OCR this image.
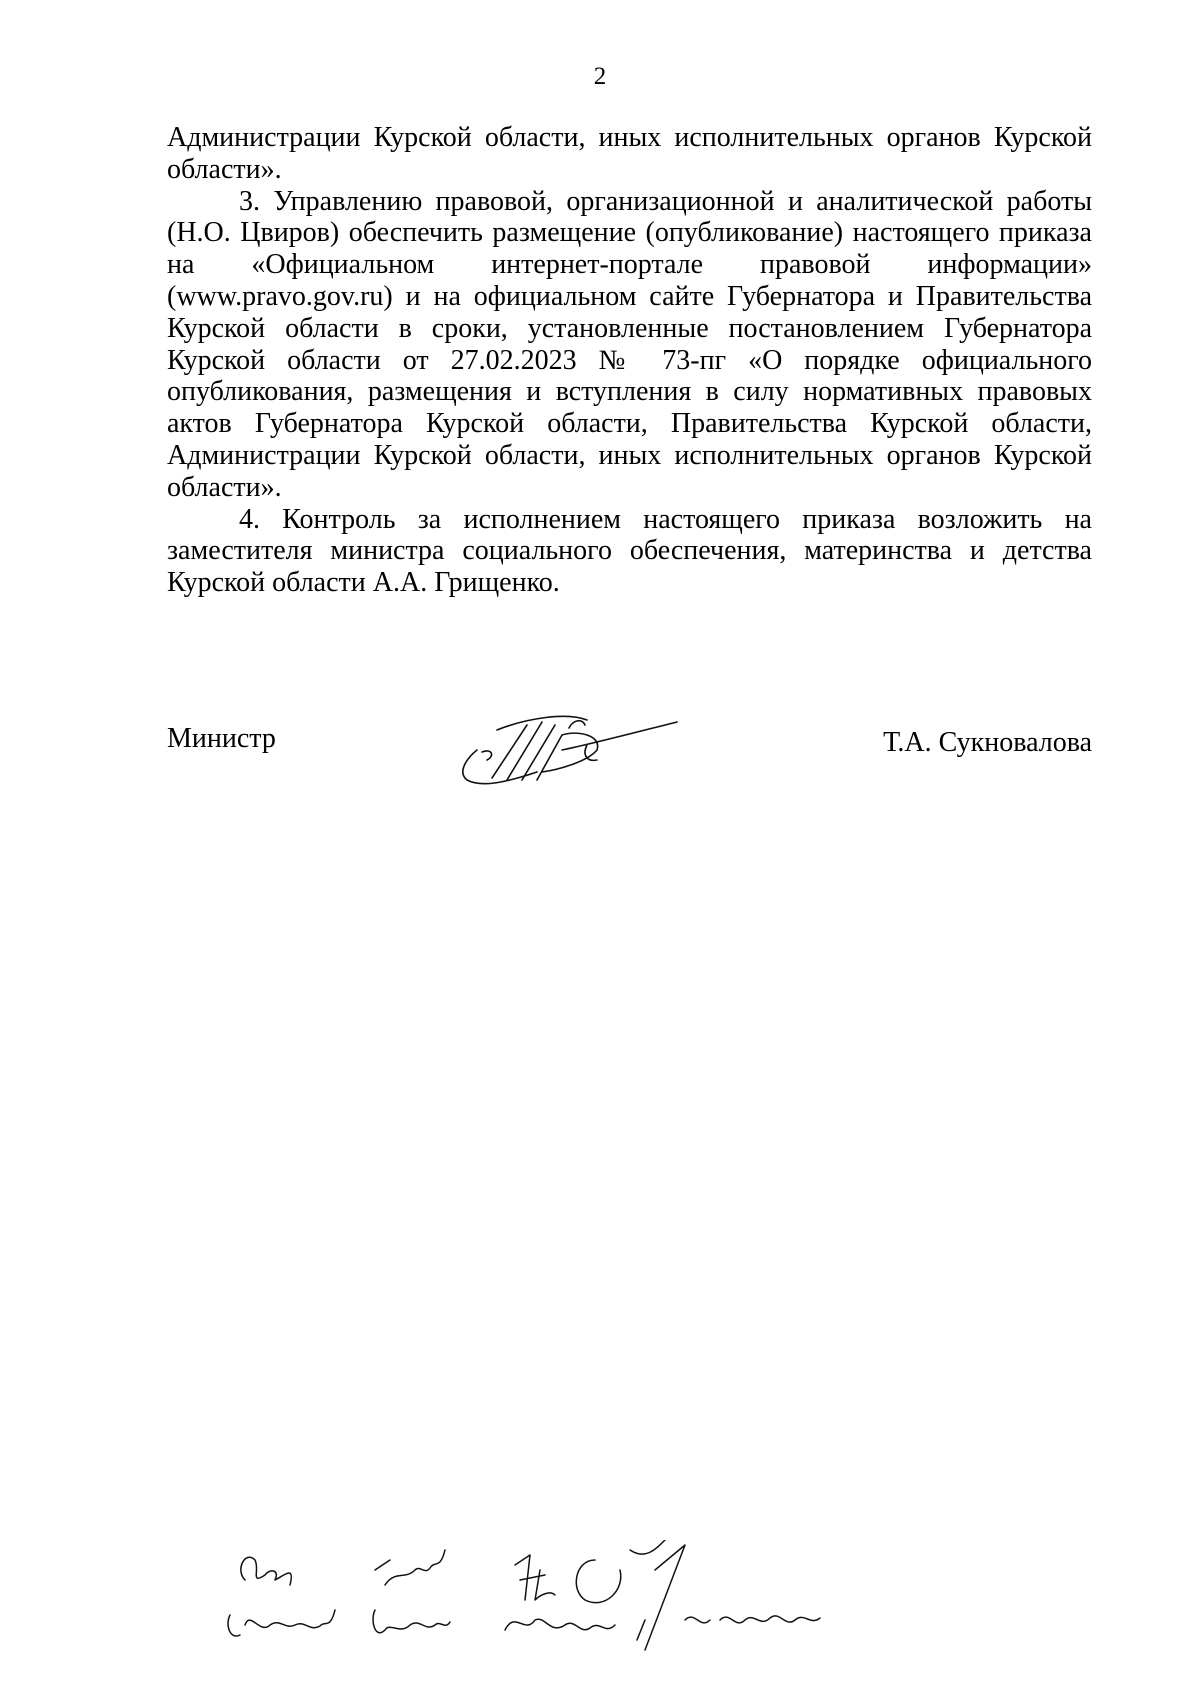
2

Администрации Курской области, иных исполнительных органов Курской области».

3. Управлению правовой, организационной и аналитической работы (Н.О. Цвиров) обеспечить размещение (опубликование) настоящего приказа на «Официальном интернет-портале правовой информации» (www.pravo.gov.ru) и на официальном сайте Губернатора и Правительства Курской области в сроки, установленные постановлением Губернатора Курской области от 27.02.2023 № 73-пг «О порядке официального опубликования, размещения и вступления в силу нормативных правовых актов Губернатора Курской области, Правительства Курской области, Администрации Курской области, иных исполнительных органов Курской области».

4. Контроль за исполнением настоящего приказа возложить на заместителя министра социального обеспечения, материнства и детства Курской области А.А. Грищенко.

Министр	Т.А. Сукновалова
